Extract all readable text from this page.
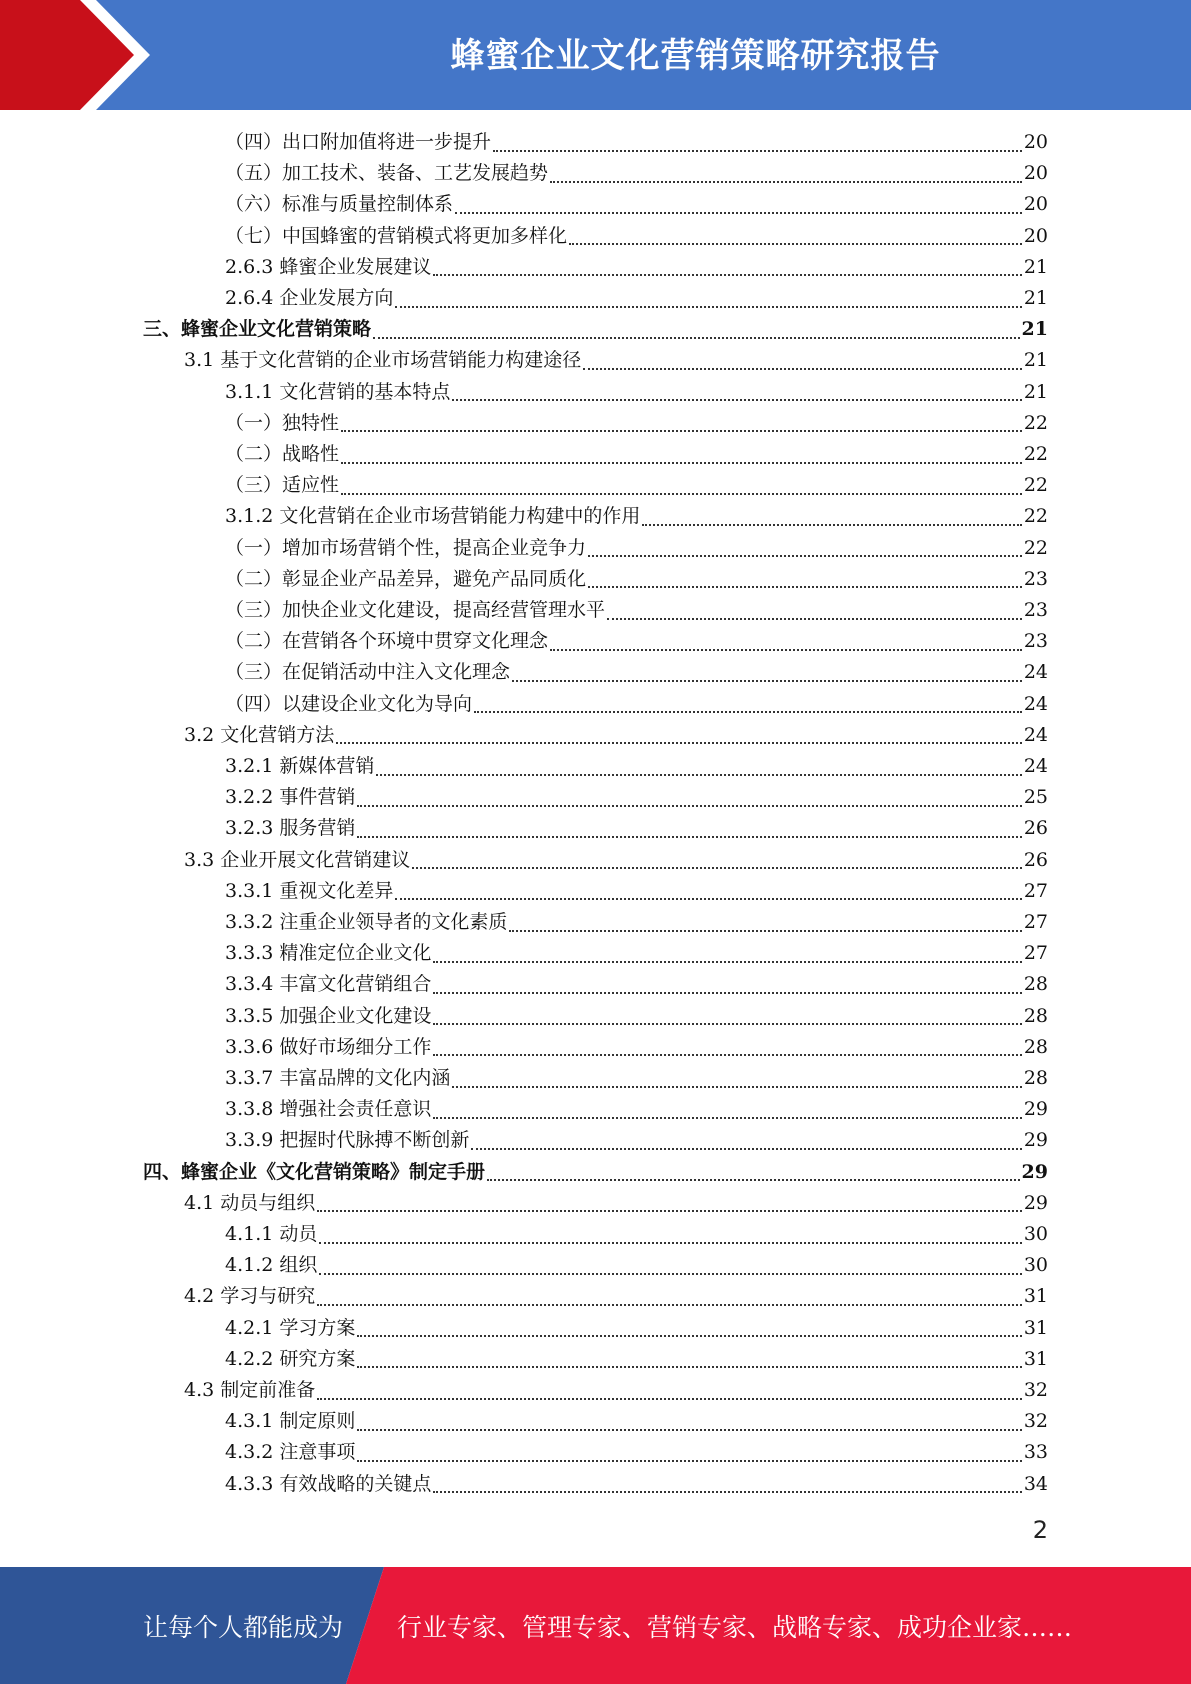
蜂蜜企业文化营销策略研究报告
（四）出口附加值将进一步提升	20
（五）加工技术、装备、工艺发展趋势	20
（六）标准与质量控制体系	20
（七）中国蜂蜜的营销模式将更加多样化	20
2.6.3 蜂蜜企业发展建议	21
2.6.4 企业发展方向	21
三、蜂蜜企业文化营销策略	21
3.1 基于文化营销的企业市场营销能力构建途径	21
3.1.1 文化营销的基本特点	21
（一）独特性	22
（二）战略性	22
（三）适应性	22
3.1.2 文化营销在企业市场营销能力构建中的作用	22
（一）增加市场营销个性，提高企业竞争力	22
（二）彰显企业产品差异，避免产品同质化	23
（三）加快企业文化建设，提高经营管理水平	23
（二）在营销各个环境中贯穿文化理念	23
（三）在促销活动中注入文化理念	24
（四）以建设企业文化为导向	24
3.2 文化营销方法	24
3.2.1 新媒体营销	24
3.2.2 事件营销	25
3.2.3 服务营销	26
3.3 企业开展文化营销建议	26
3.3.1 重视文化差异	27
3.3.2 注重企业领导者的文化素质	27
3.3.3 精准定位企业文化	27
3.3.4 丰富文化营销组合	28
3.3.5 加强企业文化建设	28
3.3.6 做好市场细分工作	28
3.3.7 丰富品牌的文化内涵	28
3.3.8 增强社会责任意识	29
3.3.9 把握时代脉搏不断创新	29
四、蜂蜜企业《文化营销策略》制定手册	29
4.1 动员与组织	29
4.1.1 动员	30
4.1.2 组织	30
4.2 学习与研究	31
4.2.1 学习方案	31
4.2.2 研究方案	31
4.3 制定前准备	32
4.3.1 制定原则	32
4.3.2 注意事项	33
4.3.3 有效战略的关键点	34
2
让每个人都能成为 行业专家、管理专家、营销专家、战略专家、成功企业家……
